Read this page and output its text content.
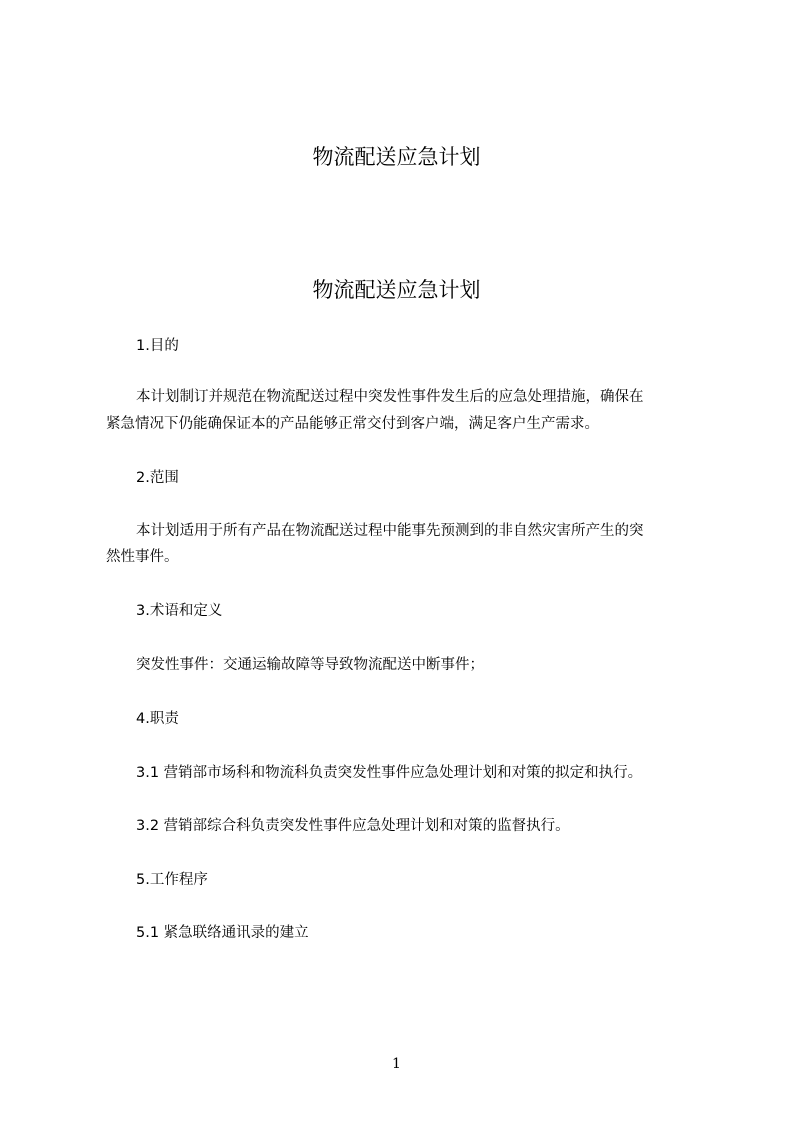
物流配送应急计划
物流配送应急计划
1.目的
本计划制订并规范在物流配送过程中突发性事件发生后的应急处理措施，确保在
紧急情况下仍能确保证本的产品能够正常交付到客户端，满足客户生产需求。
2.范围
本计划适用于所有产品在物流配送过程中能事先预测到的非自然灾害所产生的突
然性事件。
3.术语和定义
突发性事件：交通运输故障等导致物流配送中断事件；
4.职责
3.1 营销部市场科和物流科负责突发性事件应急处理计划和对策的拟定和执行。
3.2 营销部综合科负责突发性事件应急处理计划和对策的监督执行。
5.工作程序
5.1 紧急联络通讯录的建立
1
